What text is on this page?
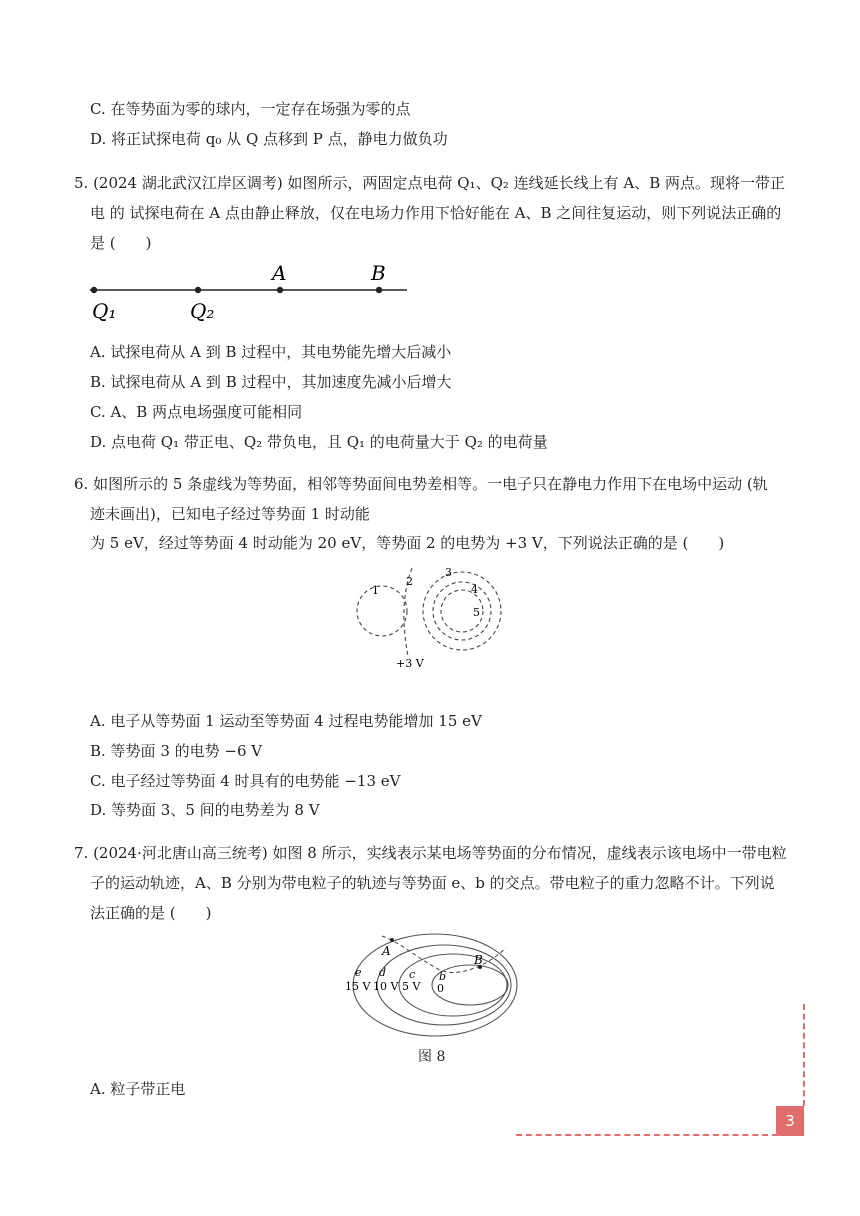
C. 在等势面为零的球内，一定存在场强为零的点
D. 将正试探电荷 q₀ 从 Q 点移到 P 点，静电力做负功
5. (2024 湖北武汉江岸区调考) 如图所示，两固定点电荷 Q₁、Q₂ 连线延长线上有 A、B 两点。现将一带正
电 的 试探电荷在 A 点由静止释放，仅在电场力作用下恰好能在 A、B 之间往复运动，则下列说法正确的
是 (　　)
Q₁	Q₂
A	B
A. 试探电荷从 A 到 B 过程中，其电势能先增大后减小
B. 试探电荷从 A 到 B 过程中，其加速度先减小后增大
C. A、B 两点电场强度可能相同
D. 点电荷 Q₁ 带正电、Q₂ 带负电，且 Q₁ 的电荷量大于 Q₂ 的电荷量
6. 如图所示的 5 条虚线为等势面，相邻等势面间电势差相等。一电子只在静电力作用下在电场中运动 (轨
迹未画出)，已知电子经过等势面 1 时动能
为 5 eV，经过等势面 4 时动能为 20 eV，等势面 2 的电势为 +3 V，下列说法正确的是 (　　)
1
2
3
4
5
+3 V
A. 电子从等势面 1 运动至等势面 4 过程电势能增加 15 eV
B. 等势面 3 的电势 −6 V
C. 电子经过等势面 4 时具有的电势能 −13 eV
D. 等势面 3、5 间的电势差为 8 V
7. (2024·河北唐山高三统考) 如图 8 所示，实线表示某电场等势面的分布情况，虚线表示该电场中一带电粒
子的运动轨迹，A、B 分别为带电粒子的轨迹与等势面 e、b 的交点。带电粒子的重力忽略不计。下列说
法正确的是 (　　)
A
B
e d c b
15 V 10 V 5 V 0
图 8
A. 粒子带正电
3
